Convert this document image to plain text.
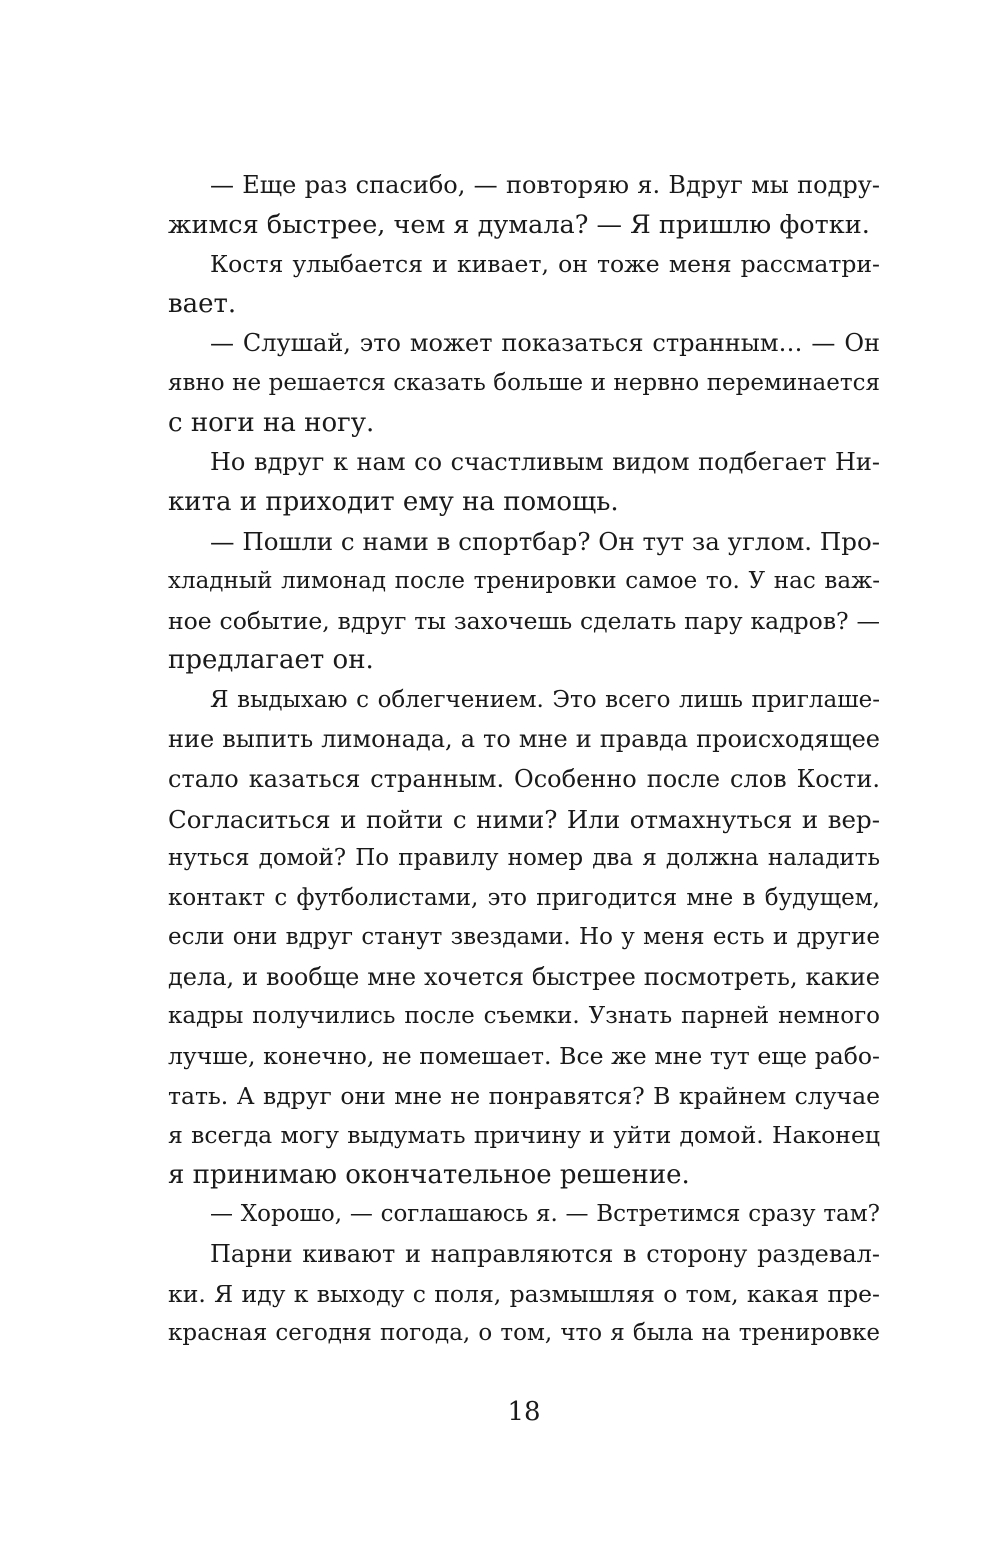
— Еще раз спасибо, — повторяю я. Вдруг мы подру-
жимся быстрее, чем я думала? — Я пришлю фотки.
Костя улыбается и кивает, он тоже меня рассматри-
вает.
— Слушай, это может показаться странным… — Он
явно не решается сказать больше и нервно переминается
с ноги на ногу.
Но вдруг к нам со счастливым видом подбегает Ни-
кита и приходит ему на помощь.
— Пошли с нами в спортбар? Он тут за углом. Про-
хладный лимонад после тренировки самое то. У нас важ-
ное событие, вдруг ты захочешь сделать пару кадров? —
предлагает он.
Я выдыхаю с облегчением. Это всего лишь приглаше-
ние выпить лимонада, а то мне и правда происходящее
стало казаться странным. Особенно после слов Кости.
Согласиться и пойти с ними? Или отмахнуться и вер-
нуться домой? По правилу номер два я должна наладить
контакт с футболистами, это пригодится мне в будущем,
если они вдруг станут звездами. Но у меня есть и другие
дела, и вообще мне хочется быстрее посмотреть, какие
кадры получились после съемки. Узнать парней немного
лучше, конечно, не помешает. Все же мне тут еще рабо-
тать. А вдруг они мне не понравятся? В крайнем случае
я всегда могу выдумать причину и уйти домой. Наконец
я принимаю окончательное решение.
— Хорошо, — соглашаюсь я. — Встретимся сразу там?
Парни кивают и направляются в сторону раздевал-
ки. Я иду к выходу с поля, размышляя о том, какая пре-
красная сегодня погода, о том, что я была на тренировке
18
